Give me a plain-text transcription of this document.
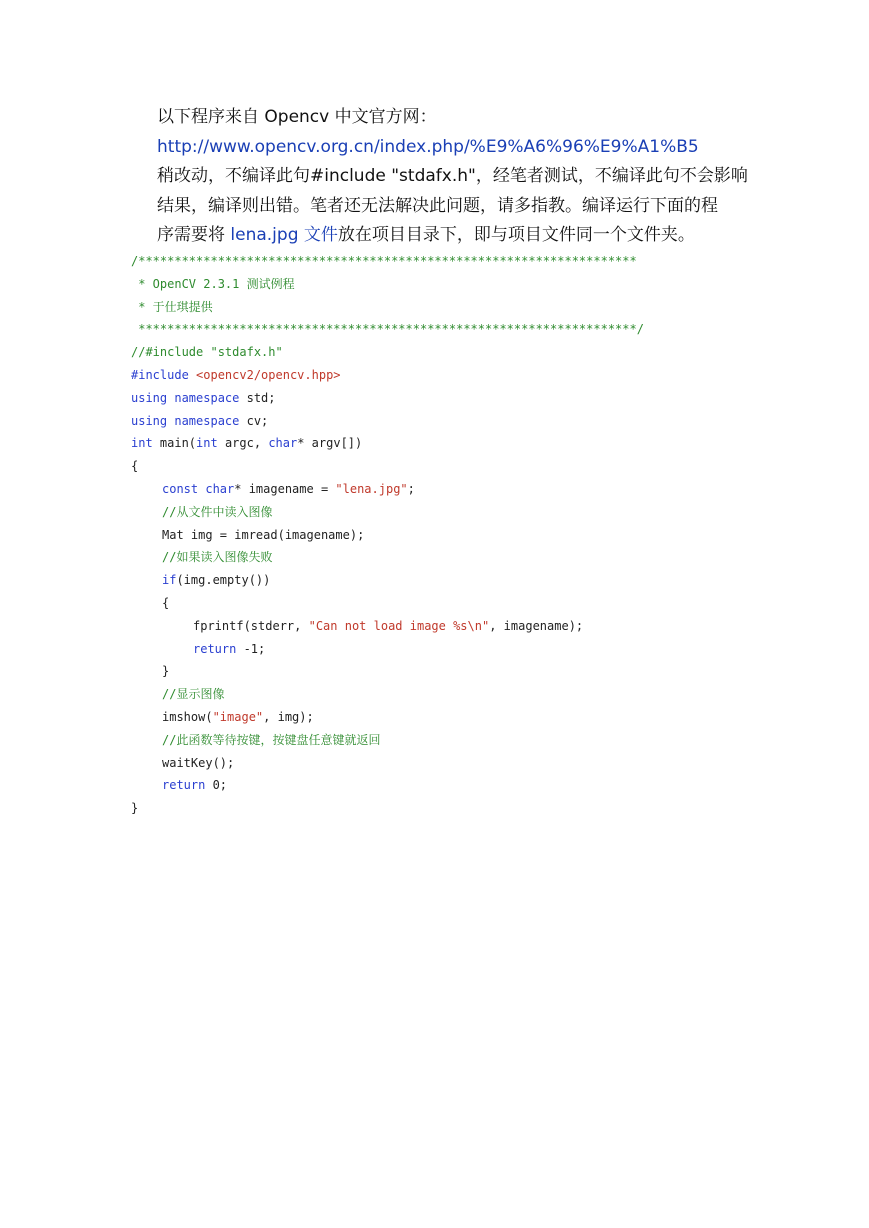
以下程序来自 Opencv 中文官方网：

http://www.opencv.org.cn/index.php/%E9%A6%96%E9%A1%B5

稍改动，不编译此句#include "stdafx.h"，经笔者测试，不编译此句不会影响

结果，编译则出错。笔者还无法解决此问题，请多指教。编译运行下面的程

序需要将 lena.jpg 文件放在项目目录下，即与项目文件同一个文件夹。

/*********************************************************************
* OpenCV 2.3.1 测试例程
* 于仕琪提供
*********************************************************************/
//#include "stdafx.h"
#include <opencv2/opencv.hpp>
using namespace std;
using namespace cv;
int main(int argc, char* argv[])
{
const char* imagename = "lena.jpg";
//从文件中读入图像
Mat img = imread(imagename);
//如果读入图像失败
if(img.empty())
{
fprintf(stderr, "Can not load image %s\n", imagename);
return -1;
}
//显示图像
imshow("image", img);
//此函数等待按键，按键盘任意键就返回
waitKey();
return 0;
}
